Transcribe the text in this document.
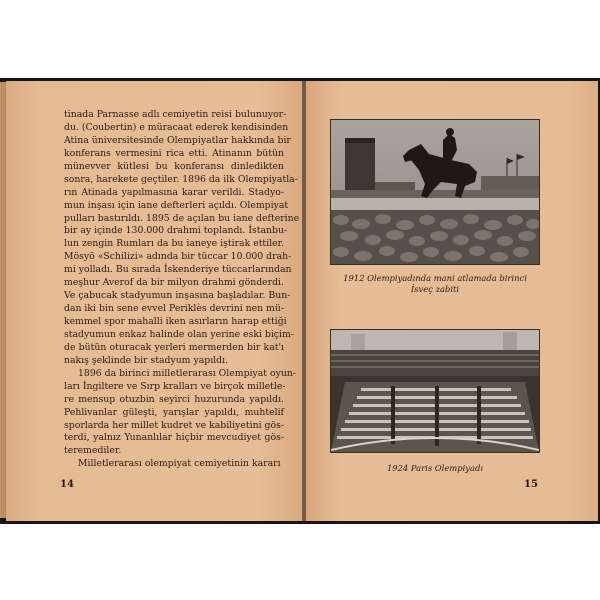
tinada Parnasse adlı cemiyetin reisi bulunuyor-
du. (Coubertin) e müracaat ederek kendisinden
Atina üniversitesinde Olempiyatlar hakkında bir
konferans vermesini rica etti. Atinanın bütün
münevver kütlesi bu konferansı dinledikten
sonra, harekete geçtiler. 1896 da ilk Olempiyatla-
rın Atinada yapılmasına karar verildi. Stadyo-
mun inşası için iane defterleri açıldı. Olempiyat
pulları bastırıldı. 1895 de açılan bu iane defterine
bir ay içinde 130.000 drahmi toplandı. İstanbu-
lun zengin Rumları da bu ianeye iştirak ettiler.
Mösyö «Schilizi» adında bir tüccar 10.000 drah-
mi yolladı. Bu sırada İskenderiye tüccarlarından
meşhur Averof da bir milyon drahmi gönderdi.
Ve çabucak stadyumun inşasına başladılar. Bun-
dan iki bin sene evvel Periklès devrini nen mü-
kemmel spor mahalli iken asırların harap ettiği
stadyumun enkaz halinde olan yerine eski biçim-
de bütün oturacak yerleri mermerden bir kat'ı
nakış şeklinde bir stadyum yapıldı.
1896 da birinci milletlerarası Olempiyat oyun-
ları İngiltere ve Sırp kralları ve birçok milletle-
re mensup otuzbin seyirci huzurunda yapıldı.
Pehlivanlar güleşti, yarışlar yapıldı, muhtelif
sporlarda her millet kudret ve kabiliyetini gös-
terdi, yalnız Yunanlılar hiçbir mevcudiyet gös-
teremediler.
Milletlerarası olempiyat cemiyetinin kararı
14
1912 Olempiyadında mani atlamada birinci
İsveç zabiti
1924 Paris Olempiyadı
15
